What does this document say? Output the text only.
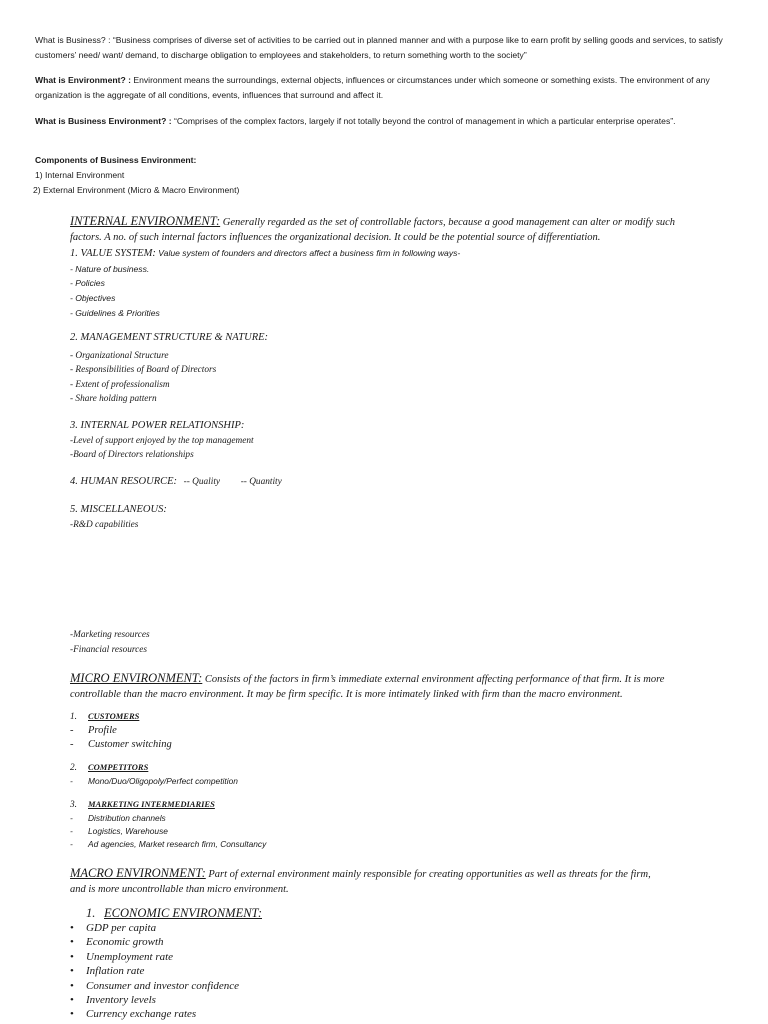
What is Business? : “Business comprises of diverse set of activities to be carried out in planned manner and with a purpose like to earn profit by selling goods and services, to satisfy customers’ need/ want/ demand, to discharge obligation to employees and stakeholders, to return something worth to the society”

What is Environment? : Environment means the surroundings, external objects, influences or circumstances under which someone or something exists. The environment of any organization is the aggregate of all conditions, events, influences that surround and affect it.

What is Business Environment? : “Comprises of the complex factors, largely if not totally beyond the control of management in which a particular enterprise operates”.

Components of Business Environment:

1) Internal Environment

2) External Environment (Micro & Macro Environment)

INTERNAL ENVIRONMENT: Generally regarded as the set of controllable factors, because a good management can alter or modify such
factors. A no. of such internal factors influences the organizational decision. It could be the potential source of differentiation.
1. VALUE SYSTEM: Value system of founders and directors affect a business firm in following ways-
- Nature of business.
- Policies
- Objectives
- Guidelines & Priorities
2. MANAGEMENT STRUCTURE & NATURE:
- Organizational Structure
- Responsibilities of Board of Directors
- Extent of professionalism
- Share holding pattern
3. INTERNAL POWER RELATIONSHIP:
-Level of support enjoyed by the top management
-Board of Directors relationships
4. HUMAN RESOURCE: -- Quality -- Quantity
5. MISCELLANEOUS:
-R&D capabilities
-Marketing resources
-Financial resources
MICRO ENVIRONMENT: Consists of the factors in firm’s immediate external environment affecting performance of that firm. It is more
controllable than the macro environment. It may be firm specific. It is more intimately linked with firm than the macro environment.
1. CUSTOMERS
- Profile
- Customer switching
2. COMPETITORS
- Mono/Duo/Oligopoly/Perfect competition
3. MARKETING INTERMEDIARIES
- Distribution channels
- Logistics, Warehouse
- Ad agencies, Market research firm, Consultancy
MACRO ENVIRONMENT: Part of external environment mainly responsible for creating opportunities as well as threats for the firm,
and is more uncontrollable than micro environment.
1. ECONOMIC ENVIRONMENT:
• GDP per capita
• Economic growth
• Unemployment rate
• Inflation rate
• Consumer and investor confidence
• Inventory levels
• Currency exchange rates
